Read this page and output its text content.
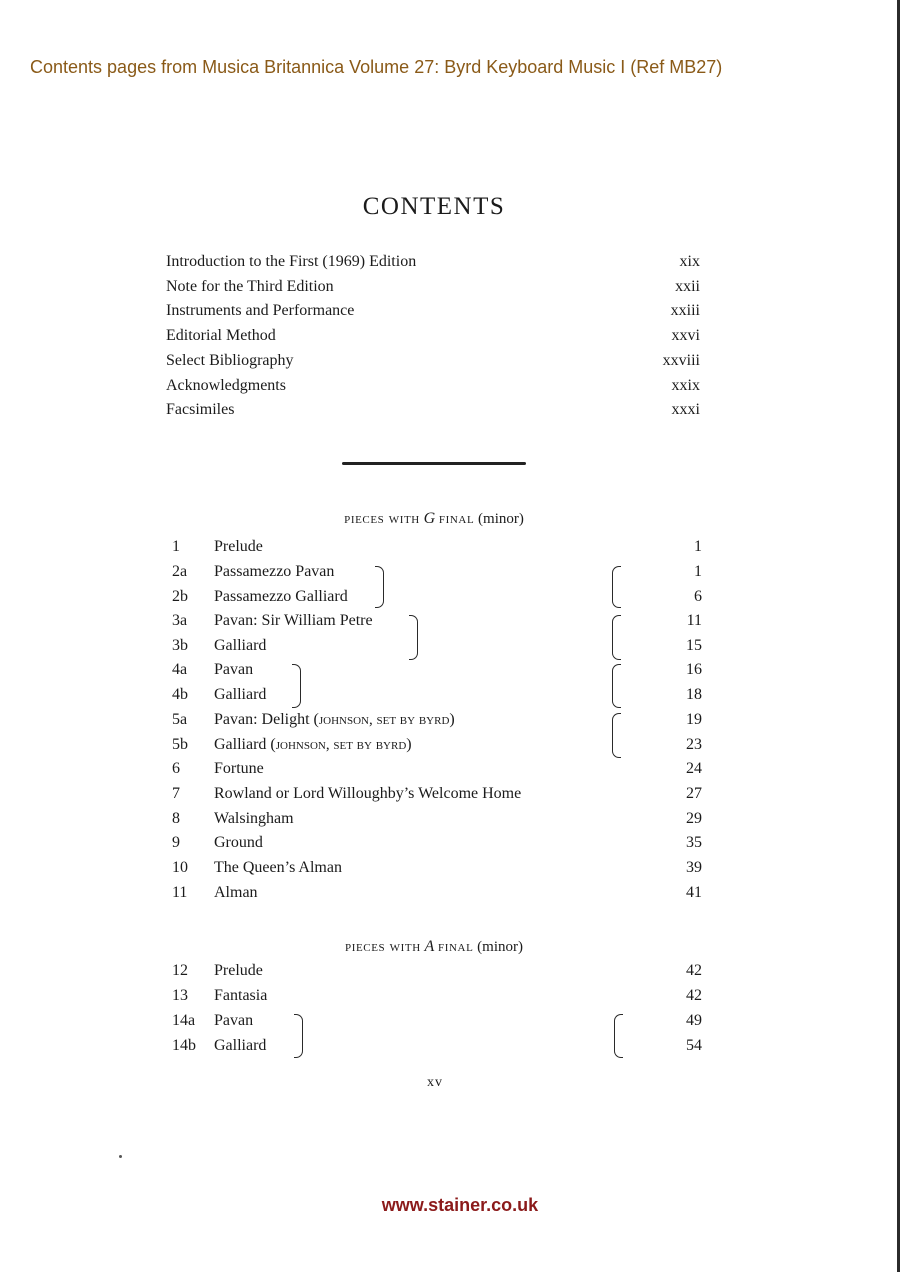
Contents pages from Musica Britannica Volume 27: Byrd Keyboard Music I (Ref MB27)
CONTENTS
Introduction to the First (1969) Edition	xix
Note for the Third Edition	xxii
Instruments and Performance	xxiii
Editorial Method	xxvi
Select Bibliography	xxviii
Acknowledgments	xxix
Facsimiles	xxxi
pieces with G final (minor)
1	Prelude	1
2a	Passamezzo Pavan	1
2b	Passamezzo Galliard	6
3a	Pavan: Sir William Petre	11
3b	Galliard	15
4a	Pavan	16
4b	Galliard	18
5a	Pavan: Delight (johnson, set by byrd)	19
5b	Galliard (johnson, set by byrd)	23
6	Fortune	24
7	Rowland or Lord Willoughby’s Welcome Home	27
8	Walsingham	29
9	Ground	35
10	The Queen’s Alman	39
11	Alman	41
pieces with A final (minor)
12	Prelude	42
13	Fantasia	42
14a	Pavan	49
14b	Galliard	54
xv
www.stainer.co.uk
